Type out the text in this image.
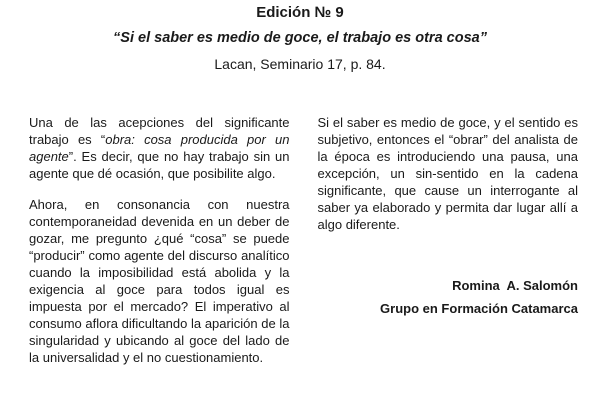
Edición № 9
“Si el saber es medio de goce, el trabajo es otra cosa”
Lacan, Seminario 17, p. 84.

Una de las acepciones del significante trabajo es “obra: cosa producida por un agente”. Es decir, que no hay trabajo sin un agente que dé ocasión, que posibilite algo.

Ahora, en consonancia con nuestra contemporaneidad devenida en un deber de gozar, me pregunto ¿qué “cosa” se puede “producir” como agente del discurso analítico cuando la imposibilidad está abolida y la exigencia al goce para todos igual es impuesta por el mercado? El imperativo al consumo aflora dificultando la aparición de la singularidad y ubicando al goce del lado de la universalidad y el no cuestionamiento.

Si el saber es medio de goce, y el sentido es subjetivo, entonces el “obrar” del analista de la época es introduciendo una pausa, una excepción, un sin-sentido en la cadena significante, que cause un interrogante al saber ya elaborado y permita dar lugar allí a algo diferente.

Romina  A. Salomón

Grupo en Formación Catamarca
